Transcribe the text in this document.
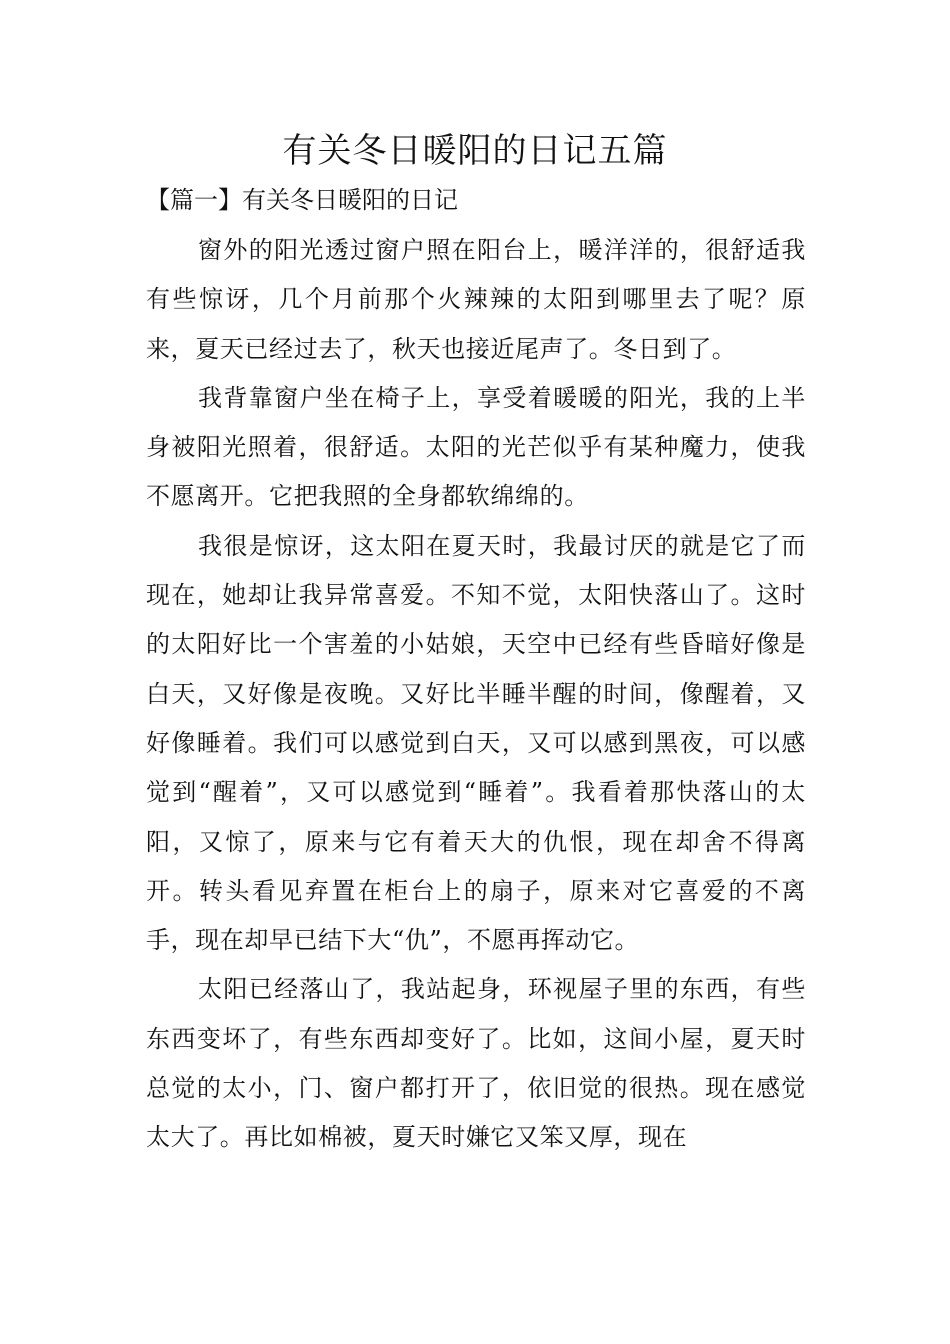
有关冬日暖阳的日记五篇
【篇一】有关冬日暖阳的日记

窗外的阳光透过窗户照在阳台上，暖洋洋的，很舒适我有些惊讶，几个月前那个火辣辣的太阳到哪里去了呢？原来，夏天已经过去了，秋天也接近尾声了。冬日到了。

我背靠窗户坐在椅子上，享受着暖暖的阳光，我的上半身被阳光照着，很舒适。太阳的光芒似乎有某种魔力，使我不愿离开。它把我照的全身都软绵绵的。

我很是惊讶，这太阳在夏天时，我最讨厌的就是它了而现在，她却让我异常喜爱。不知不觉，太阳快落山了。这时的太阳好比一个害羞的小姑娘，天空中已经有些昏暗好像是白天，又好像是夜晚。又好比半睡半醒的时间，像醒着，又好像睡着。我们可以感觉到白天，又可以感到黑夜，可以感觉到“醒着”，又可以感觉到“睡着”。我看着那快落山的太阳，又惊了，原来与它有着天大的仇恨，现在却舍不得离开。转头看见弃置在柜台上的扇子，原来对它喜爱的不离手，现在却早已结下大“仇”，不愿再挥动它。

太阳已经落山了，我站起身，环视屋子里的东西，有些东西变坏了，有些东西却变好了。比如，这间小屋，夏天时总觉的太小，门、窗户都打开了，依旧觉的很热。现在感觉太大了。再比如棉被，夏天时嫌它又笨又厚，现在
